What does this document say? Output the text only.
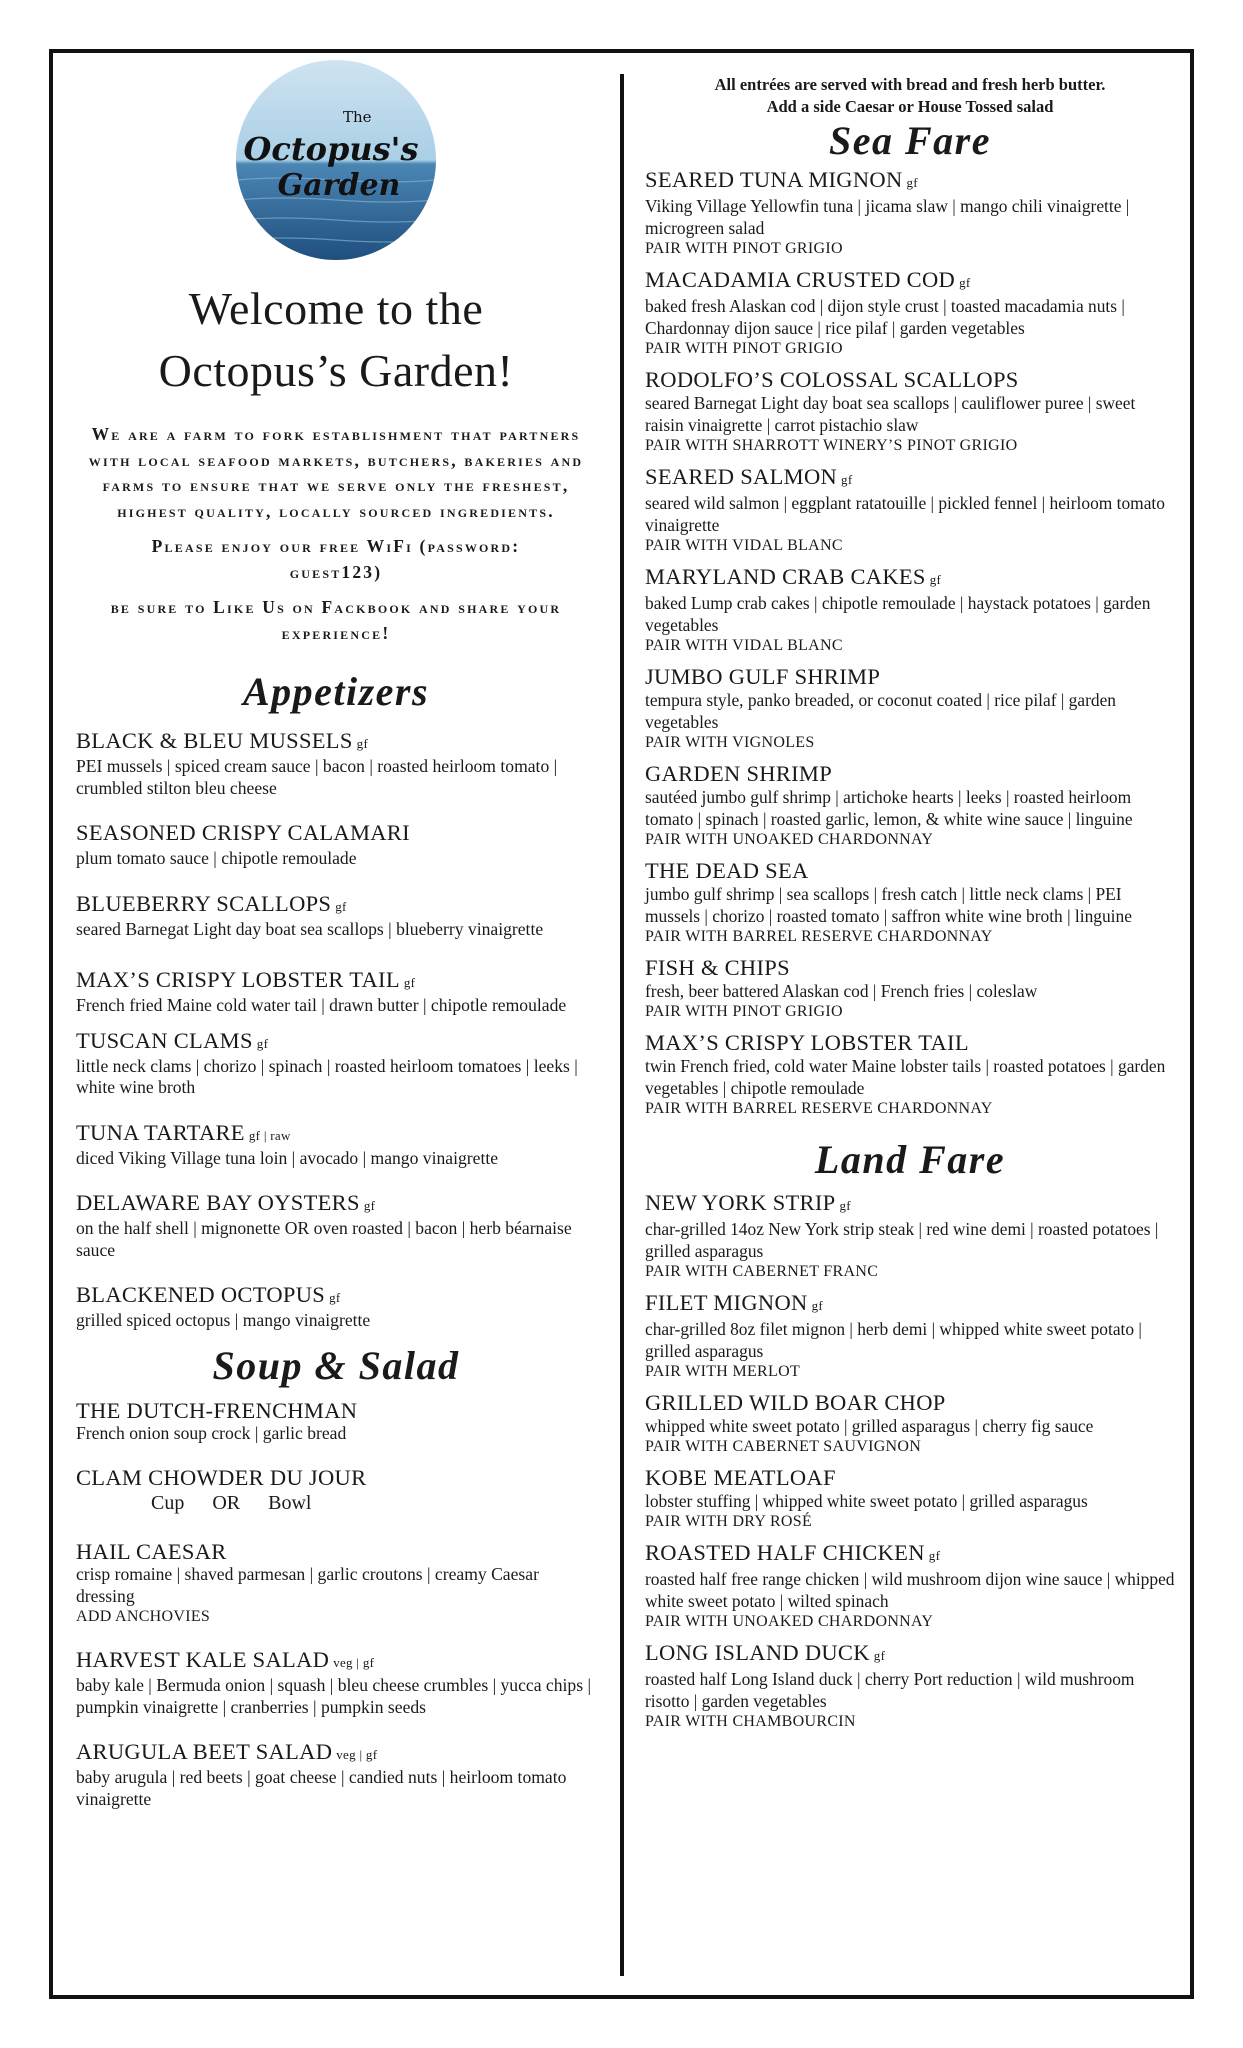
The
Octopus's
Garden
Welcome to the
Octopus’s Garden!

We are a farm to fork establishment that partners with local seafood markets, butchers, bakeries and farms to ensure that we serve only the freshest, highest quality, locally sourced ingredients.

Please enjoy our free WiFi (password: guest123)

be sure to Like Us on Fackbook and share your experience!

Appetizers
BLACK & BLEU MUSSELS gf
PEI mussels | spiced cream sauce | bacon | roasted heirloom tomato | crumbled stilton bleu cheese
SEASONED CRISPY CALAMARI
plum tomato sauce | chipotle remoulade
BLUEBERRY SCALLOPS gf
seared Barnegat Light day boat sea scallops | blueberry vinaigrette
MAX’S CRISPY LOBSTER TAIL gf
French fried Maine cold water tail | drawn butter | chipotle remoulade
TUSCAN CLAMS gf
little neck clams | chorizo | spinach | roasted heirloom tomatoes | leeks | white wine broth
TUNA TARTARE gf | raw
diced Viking Village tuna loin | avocado | mango vinaigrette
DELAWARE BAY OYSTERS gf
on the half shell | mignonette OR oven roasted | bacon | herb béarnaise sauce
BLACKENED OCTOPUS gf
grilled spiced octopus | mango vinaigrette
Soup & Salad
THE DUTCH-FRENCHMAN
French onion soup crock | garlic bread
CLAM CHOWDER DU JOUR
Cup OR Bowl
HAIL CAESAR
crisp romaine | shaved parmesan | garlic croutons | creamy Caesar dressing
ADD ANCHOVIES
HARVEST KALE SALAD veg | gf
baby kale | Bermuda onion | squash | bleu cheese crumbles | yucca chips | pumpkin vinaigrette | cranberries | pumpkin seeds
ARUGULA BEET SALAD veg | gf
baby arugula | red beets | goat cheese | candied nuts | heirloom tomato vinaigrette
All entrées are served with bread and fresh herb butter.
Add a side Caesar or House Tossed salad
Sea Fare
SEARED TUNA MIGNON gf
Viking Village Yellowfin tuna | jicama slaw | mango chili vinaigrette | microgreen salad
PAIR WITH PINOT GRIGIO
MACADAMIA CRUSTED COD gf
baked fresh Alaskan cod | dijon style crust | toasted macadamia nuts | Chardonnay dijon sauce | rice pilaf | garden vegetables
PAIR WITH PINOT GRIGIO
RODOLFO’S COLOSSAL SCALLOPS
seared Barnegat Light day boat sea scallops | cauliflower puree | sweet raisin vinaigrette | carrot pistachio slaw
PAIR WITH SHARROTT WINERY’S PINOT GRIGIO
SEARED SALMON gf
seared wild salmon | eggplant ratatouille | pickled fennel | heirloom tomato vinaigrette
PAIR WITH VIDAL BLANC
MARYLAND CRAB CAKES gf
baked Lump crab cakes | chipotle remoulade | haystack potatoes | garden vegetables
PAIR WITH VIDAL BLANC
JUMBO GULF SHRIMP
tempura style, panko breaded, or coconut coated | rice pilaf | garden vegetables
PAIR WITH VIGNOLES
GARDEN SHRIMP
sautéed jumbo gulf shrimp | artichoke hearts | leeks | roasted heirloom tomato | spinach | roasted garlic, lemon, & white wine sauce | linguine
PAIR WITH UNOAKED CHARDONNAY
THE DEAD SEA
jumbo gulf shrimp | sea scallops | fresh catch | little neck clams | PEI mussels | chorizo | roasted tomato | saffron white wine broth | linguine
PAIR WITH BARREL RESERVE CHARDONNAY
FISH & CHIPS
fresh, beer battered Alaskan cod | French fries | coleslaw
PAIR WITH PINOT GRIGIO
MAX’S CRISPY LOBSTER TAIL
twin French fried, cold water Maine lobster tails | roasted potatoes | garden vegetables | chipotle remoulade
PAIR WITH BARREL RESERVE CHARDONNAY
Land Fare
NEW YORK STRIP gf
char-grilled 14oz New York strip steak | red wine demi | roasted potatoes | grilled asparagus
PAIR WITH CABERNET FRANC
FILET MIGNON gf
char-grilled 8oz filet mignon | herb demi | whipped white sweet potato | grilled asparagus
PAIR WITH MERLOT
GRILLED WILD BOAR CHOP
whipped white sweet potato | grilled asparagus | cherry fig sauce
PAIR WITH CABERNET SAUVIGNON
KOBE MEATLOAF
lobster stuffing | whipped white sweet potato | grilled asparagus
PAIR WITH DRY ROSÉ
ROASTED HALF CHICKEN gf
roasted half free range chicken | wild mushroom dijon wine sauce | whipped white sweet potato | wilted spinach
PAIR WITH UNOAKED CHARDONNAY
LONG ISLAND DUCK gf
roasted half Long Island duck | cherry Port reduction | wild mushroom risotto | garden vegetables
PAIR WITH CHAMBOURCIN
